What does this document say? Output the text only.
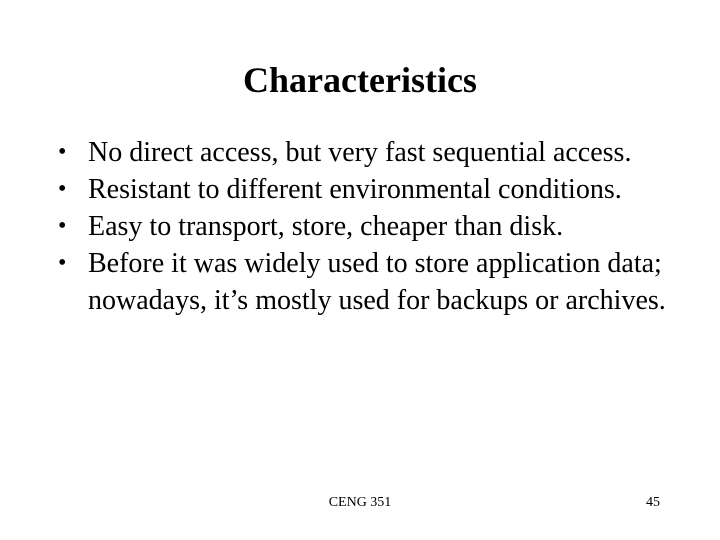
Characteristics
• No direct access, but very fast sequential access.
• Resistant to different environmental conditions.
• Easy to transport, store, cheaper than disk.
• Before it was widely used to store application data; nowadays, it’s mostly used for backups or archives.
CENG 351	45
